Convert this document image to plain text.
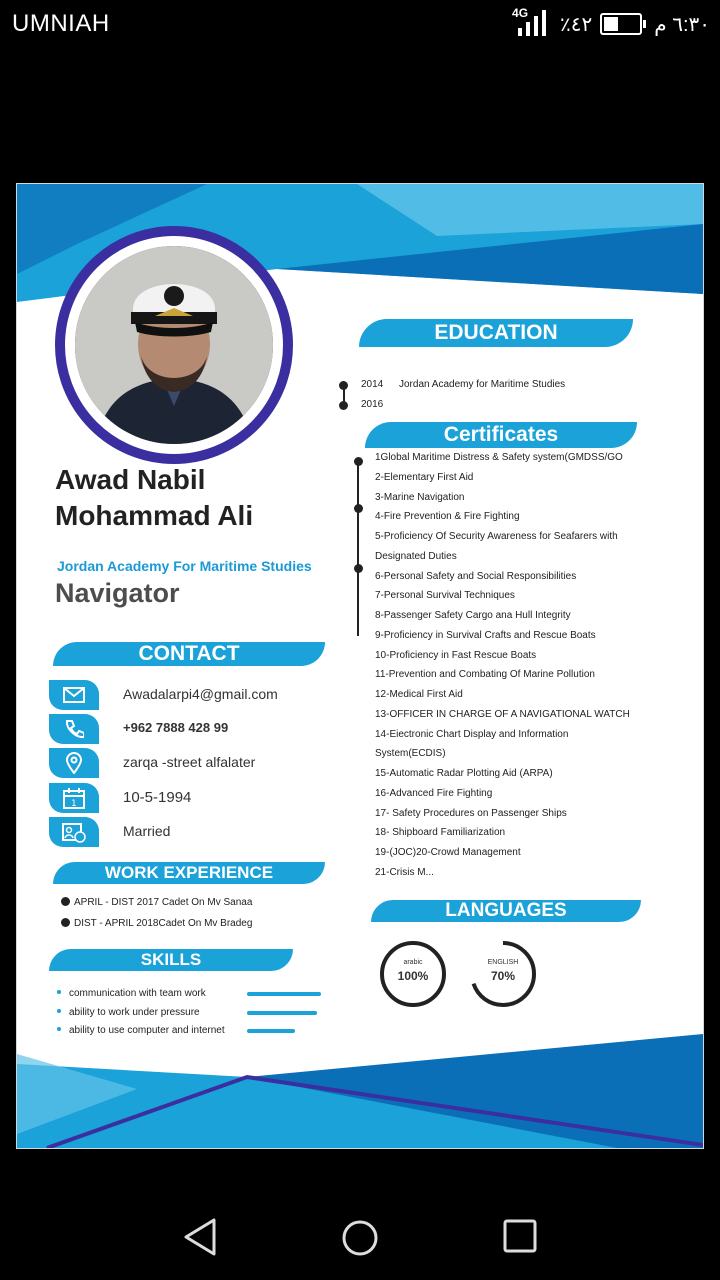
UMNIAH	4G
٪٤٢	٦:٣٠ م
Awad Nabil
Mohammad Ali
Jordan Academy For Maritime Studies
Navigator
CONTACT
Awadalarpi4@gmail.com
+962 7888 428 99
zarqa -street alfalater
1	10-5-1994
Married
WORK EXPERIENCE
APRIL - DIST 2017 Cadet On Mv Sanaa
DIST - APRIL 2018Cadet On Mv Bradeg
SKILLS
communication with team work
ability to work under pressure
ability to use computer and internet
EDUCATION
2014 Jordan Academy for Maritime Studies
2016
Certificates
1Global Maritime Distress & Safety system(GMDSS/GO
2-Elementary First Aid
3-Marine Navigation
4-Fire Prevention & Fire Fighting
5-Proficiency Of Security Awareness for Seafarers with
Designated Duties
6-Personal Safety and Social Responsibilities
7-Personal Survival Techniques
8-Passenger Safety Cargo ana Hull Integrity
9-Proficiency in Survival Crafts and Rescue Boats
10-Proficiency in Fast Rescue Boats
11-Prevention and Combating Of Marine Pollution
12-Medical First Aid
13-OFFICER IN CHARGE OF A NAVIGATIONAL WATCH
14-Eiectronic Chart Display and Information
System(ECDIS)
15-Automatic Radar Plotting Aid (ARPA)
16-Advanced Fire Fighting
17- Safety Procedures on Passenger Ships
18- Shipboard Familiarization
19-(JOC)20-Crowd Management
21-Crisis M...
LANGUAGES
arabic
100%
ENGLISH
70%
